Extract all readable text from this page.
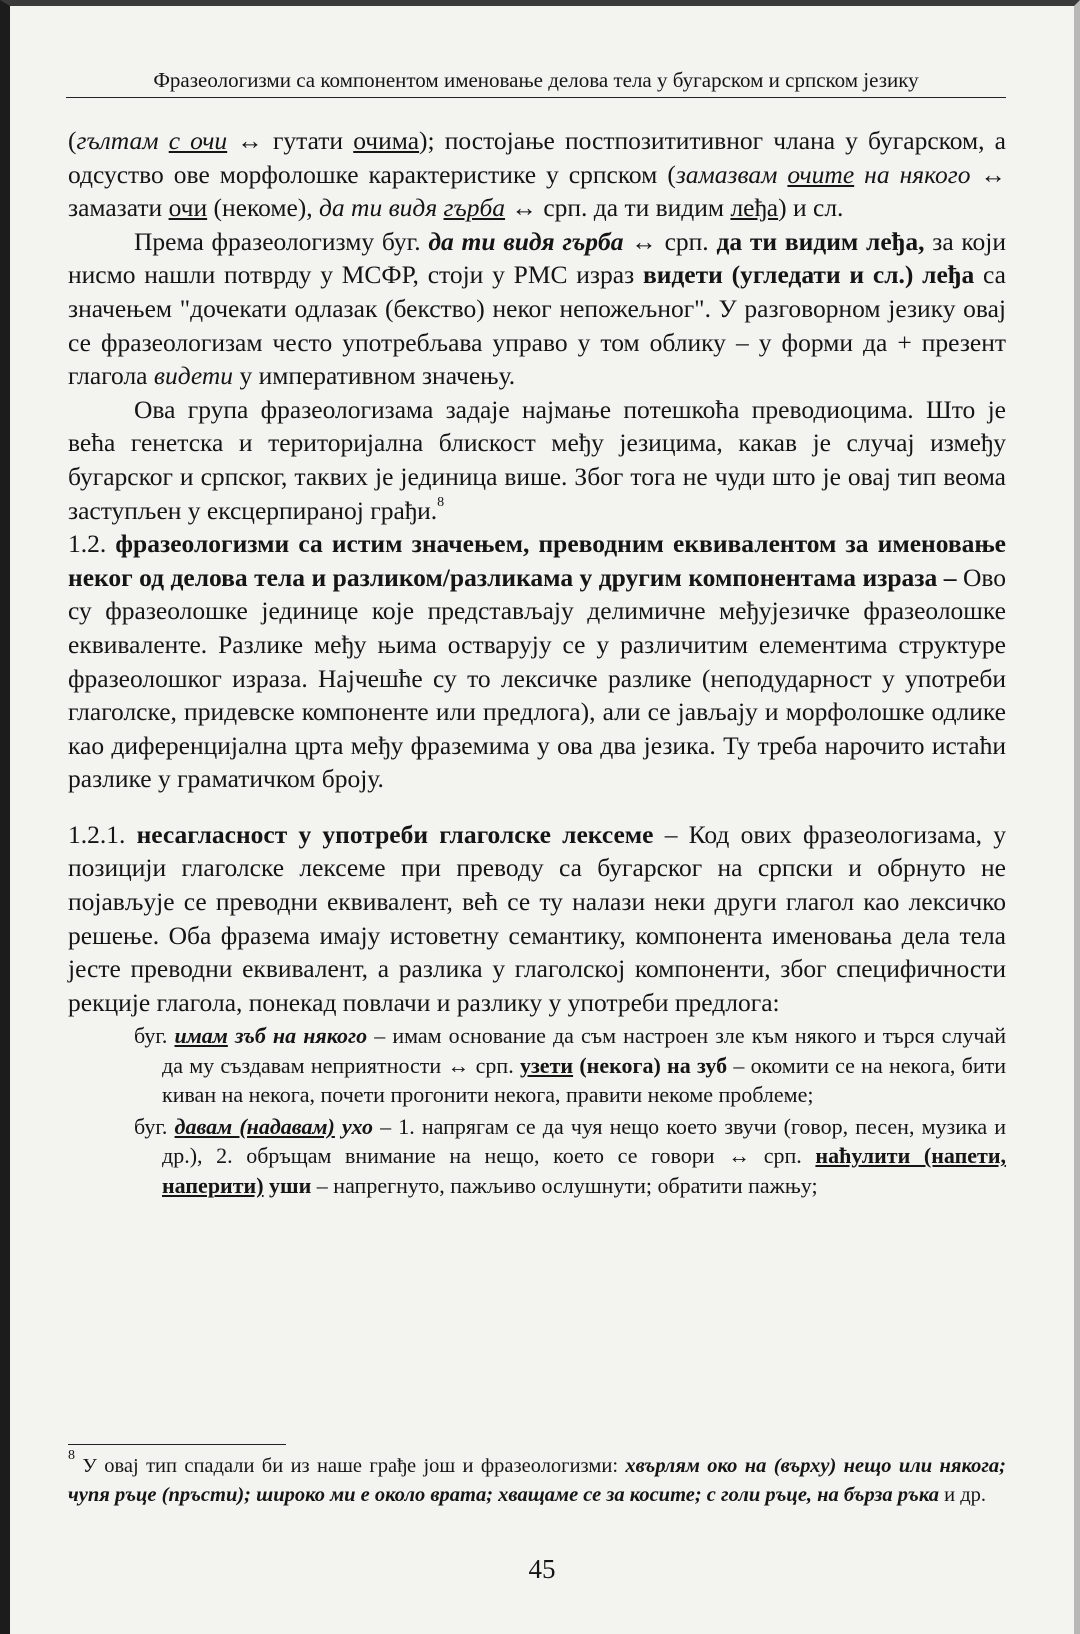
Фразеологизми са компонентом именовање делова тела у бугарском и српском језику

(гълтам с очи ↔ гутати очима); постојање постпозититивног члана у бугарском, а одсуство ове морфолошке карактеристике у српском (замазвам очите на някого ↔ замазати очи (некоме), да ти видя гърба ↔ срп. да ти видим леђа) и сл.

Према фразеологизму буг. да ти видя гърба ↔ срп. да ти видим леђа, за који нисмо нашли потврду у МСФР, стоји у РМС израз видети (угледати и сл.) леђа са значењем "дочекати одлазак (бекство) неког непожељног". У разговорном језику овај се фразеологизам често употребљава управо у том облику – у форми да + презент глагола видети у императивном значењу.

Ова група фразеологизама задаје најмање потешкоћа преводиоцима. Што је већа генетска и територијална блискост међу језицима, какав је случај између бугарског и српског, таквих је јединица више. Због тога не чуди што је овај тип веома заступљен у ексцерпираној грађи.$^8$

1.2. фразеологизми са истим значењем, преводним еквивалентом за именовање неког од делова тела и разликом/разликама у другим компонентама израза – Ово су фразеолошке јединице које представљају делимичне међујезичке фразеолошке еквиваленте. Разлике међу њима остварују се у различитим елементима структуре фразеолошког израза. Најчешће су то лексичке разлике (неподударност у употреби глаголске, придевске компоненте или предлога), али се јављају и морфолошке одлике као диференцијална црта међу фраземима у ова два језика. Ту треба нарочито истаћи разлике у граматичком броју.

1.2.1. несагласност у употреби глаголске лексеме – Код ових фразеологизама, у позицији глаголске лексеме при преводу са бугарског на српски и обрнуто не појављује се преводни еквивалент, већ се ту налази неки други глагол као лексичко решење. Оба фразема имају истоветну семантику, компонента именовања дела тела јесте преводни еквивалент, а разлика у глаголској компоненти, због специфичности рекције глагола, понекад повлачи и разлику у употреби предлога:

буг. имам зъб на някого – имам основание да съм настроен зле към някого и търся случай да му създавам неприятности ↔ срп. узети (некога) на зуб – окомити се на некога, бити киван на некога, почети прогонити некога, правити некоме проблеме;

буг. давам (надавам) ухо – 1. напрягам се да чуя нещо което звучи (говор, песен, музика и др.), 2. обръщам внимание на нещо, което се говори ↔ срп. наћулити (напети, наперити) уши – напрегнуто, пажљиво ослушнути; обратити пажњу;

$^8$ У овај тип спадали би из наше грађе још и фразеологизми: хвърлям око на (върху) нещо или някога; чупя ръце (пръсти); широко ми е около врата; хващаме се за косите; с голи ръце, на бърза ръка и др.
45
